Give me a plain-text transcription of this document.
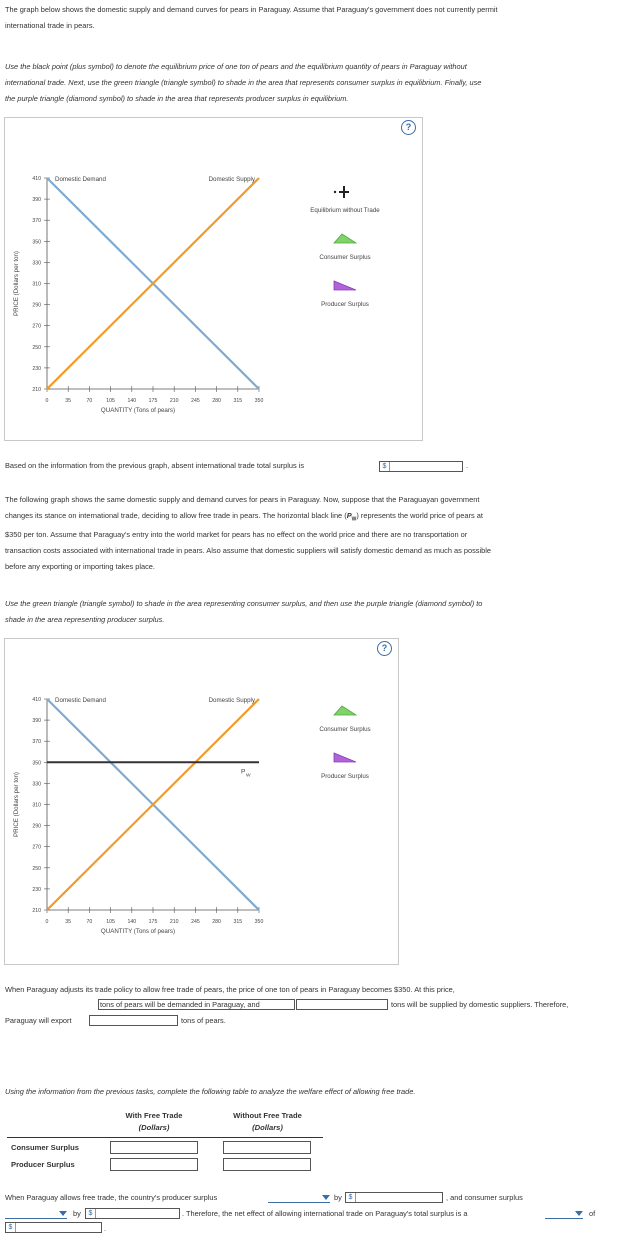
The graph below shows the domestic supply and demand curves for pears in Paraguay. Assume that Paraguay's government does not currently permit
international trade in pears.
Use the black point (plus symbol) to denote the equilibrium price of one ton of pears and the equilibrium quantity of pears in Paraguay without
international trade. Next, use the green triangle (triangle symbol) to shade in the area that represents consumer surplus in equilibrium. Finally, use
the purple triangle (diamond symbol) to shade in the area that represents producer surplus in equilibrium.
?
410
390
370
350
330
310
290
270
250
230
210
0	35	70	105 140 175 210 245 280 315 350
QUANTITY (Tons of pears)
PRICE (Dollars per ton)
Domestic Demand	Domestic Supply
Equilibrium without Trade
Consumer Surplus
Producer Surplus
Based on the information from the previous graph, absent international trade total surplus is	$	.
The following graph shows the same domestic supply and demand curves for pears in Paraguay. Now, suppose that the Paraguayan government
changes its stance on international trade, deciding to allow free trade in pears. The horizontal black line $(P_W)$ represents the world price of pears at
$350 per ton. Assume that Paraguay's entry into the world market for pears has no effect on the world price and there are no transportation or
transaction costs associated with international trade in pears. Also assume that domestic suppliers will satisfy domestic demand as much as possible
before any exporting or importing takes place.
Use the green triangle (triangle symbol) to shade in the area representing consumer surplus, and then use the purple triangle (diamond symbol) to
shade in the area representing producer surplus.
?
410
390
370
350
330
310
290
270
250
230
210
0	35	70	105 140 175 210 245 280 315 350
QUANTITY (Tons of pears)
PRICE (Dollars per ton)
Domestic Demand	Domestic Supply
P
W
Consumer Surplus
Producer Surplus
When Paraguay adjusts its trade policy to allow free trade of pears, the price of one ton of pears in Paraguay becomes $350. At this price,
tons of pears will be demanded in Paraguay, and	tons will be supplied by domestic suppliers. Therefore,
Paraguay will export	tons of pears.
Using the information from the previous tasks, complete the following table to analyze the welfare effect of allowing free trade.
With Free Trade
(Dollars)
Without Free Trade
(Dollars)
Consumer Surplus
Producer Surplus
When Paraguay allows free trade, the country's producer surplus	by $	, and consumer surplus
by	$	. Therefore, the net effect of allowing international trade on Paraguay's total surplus is a	of
$	.
